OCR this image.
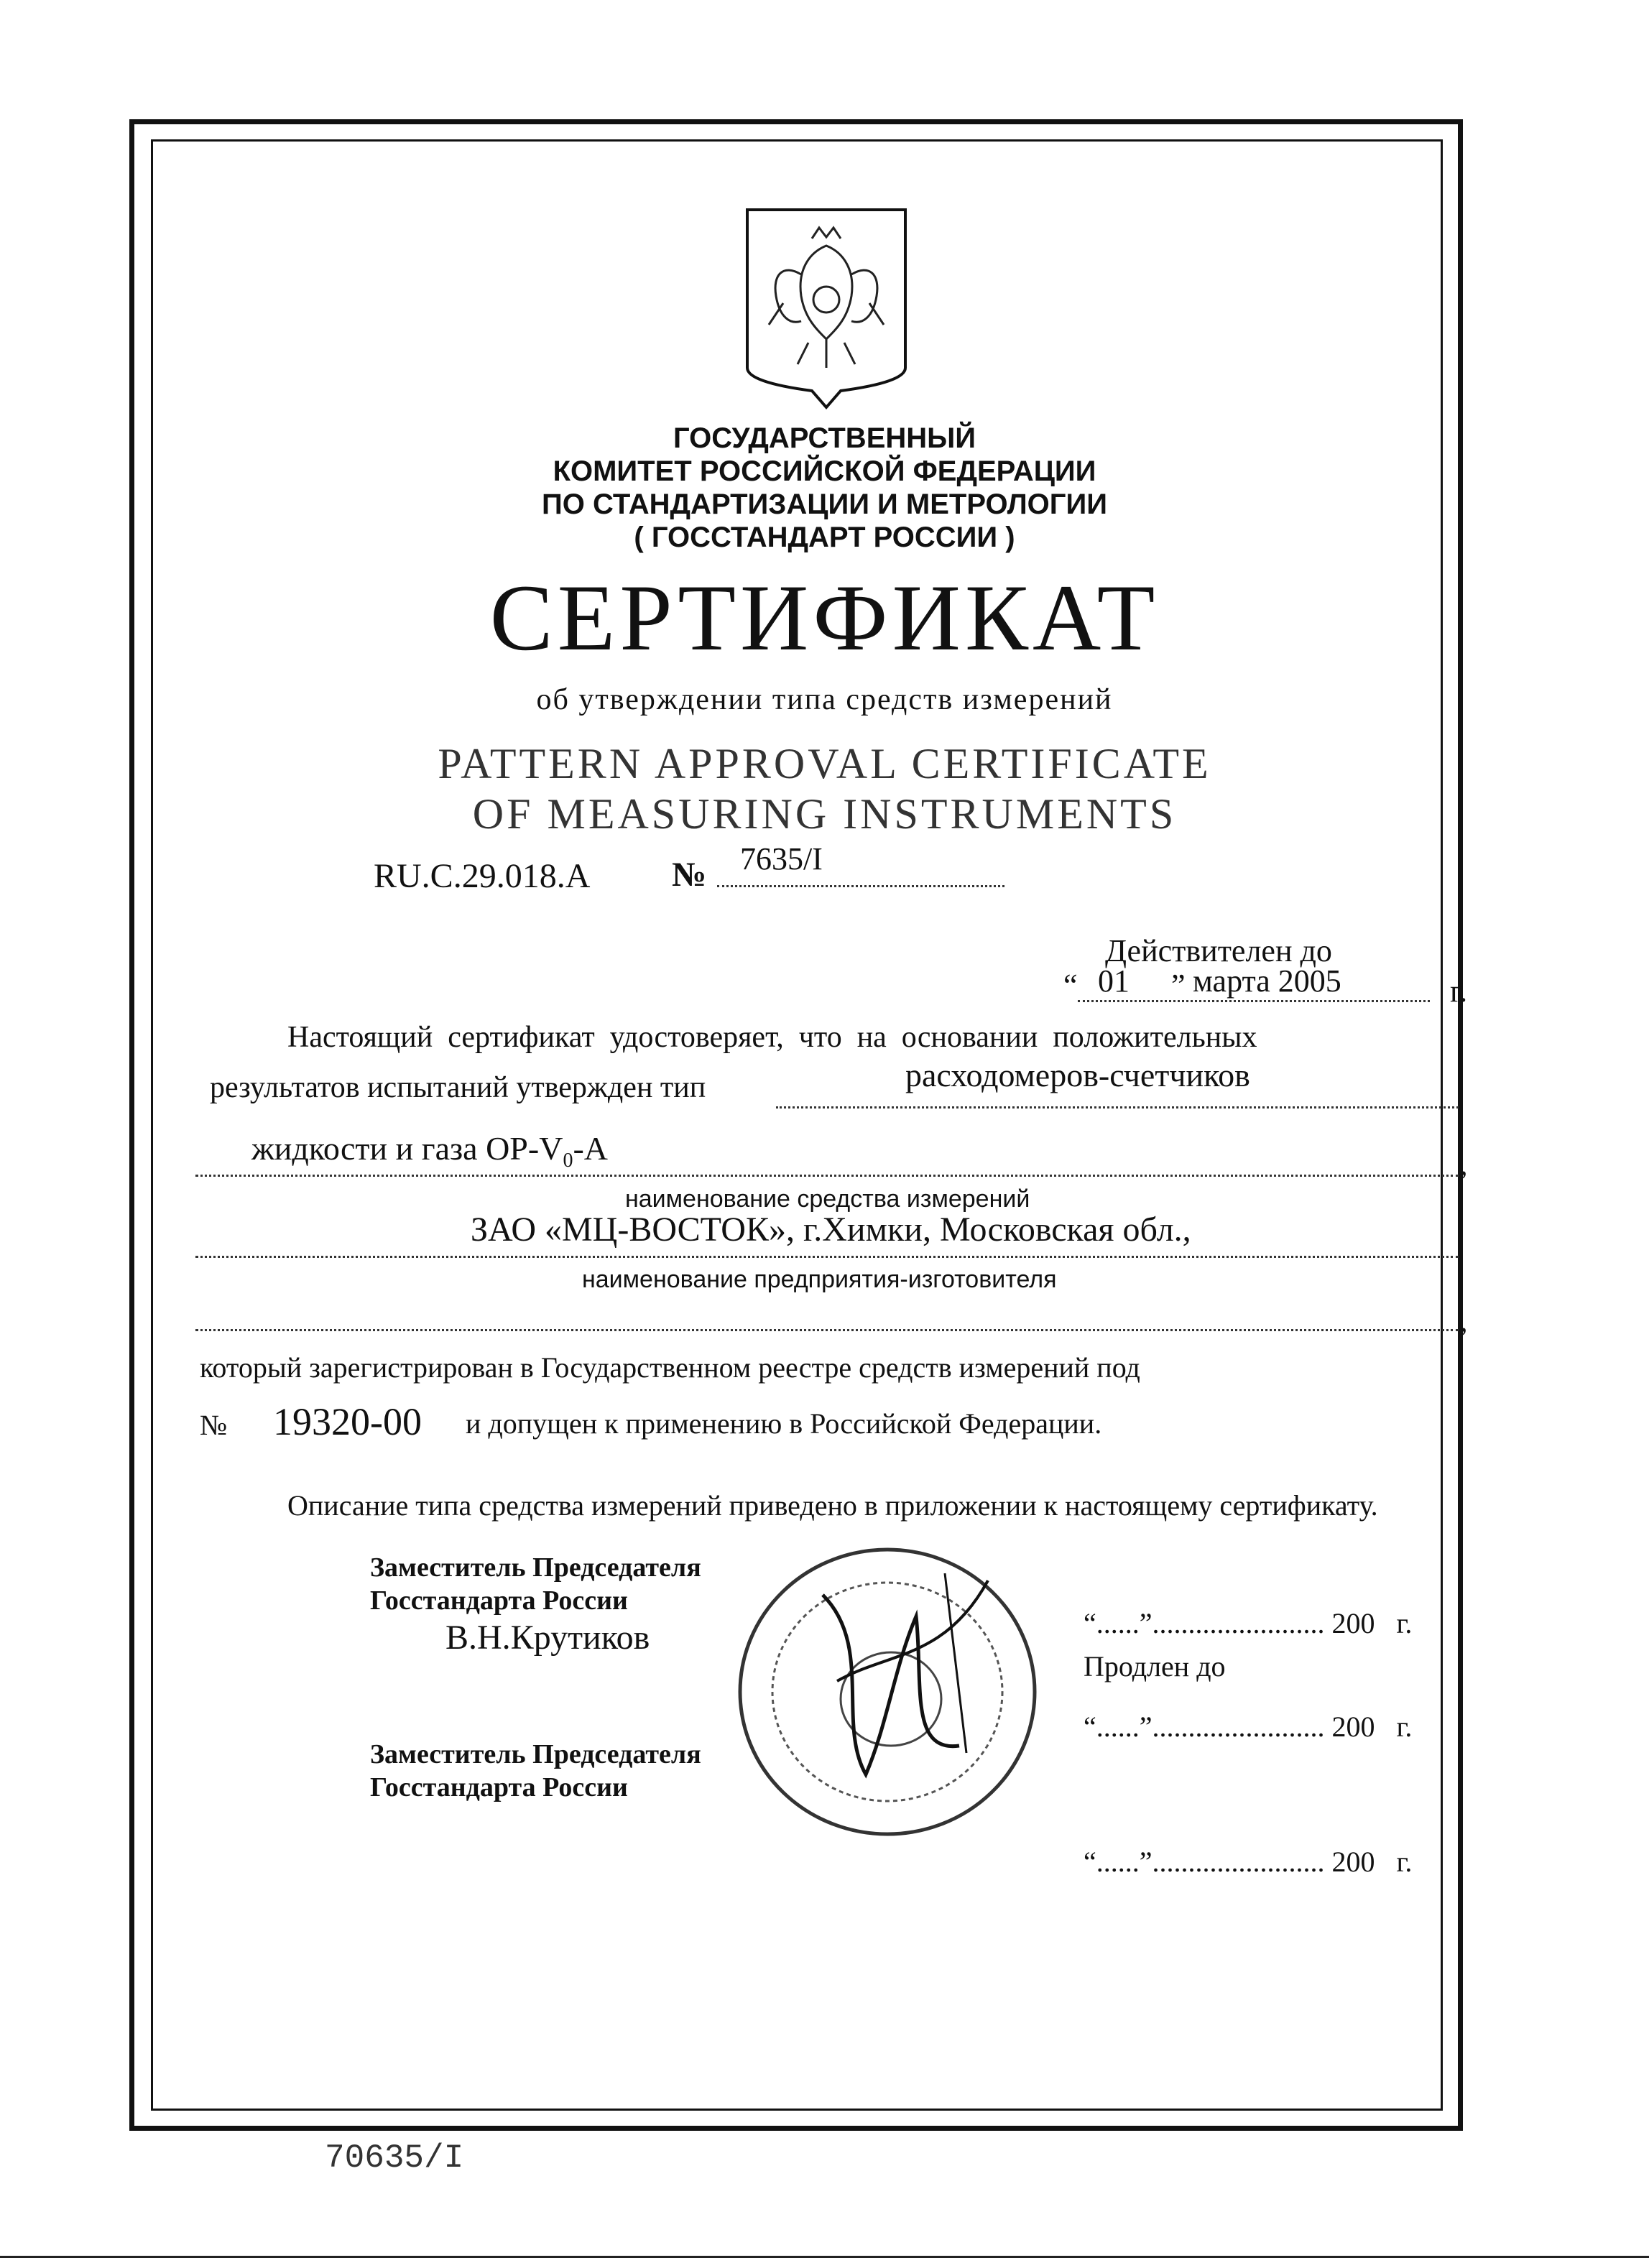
ГОСУДАРСТВЕННЫЙ
КОМИТЕТ РОССИЙСКОЙ ФЕДЕРАЦИИ
ПО СТАНДАРТИЗАЦИИ И МЕТРОЛОГИИ
( ГОССТАНДАРТ РОССИИ )
СЕРТИФИКАТ
об утверждении типа средств измерений
PATTERN APPROVAL CERTIFICATE
OF MEASURING INSTRUMENTS
RU.C.29.018.A № 7635/I
Действителен до
“ 01 ” марта 2005	г.
Настоящий  сертификат  удостоверяет,  что  на  основании  положительных
результатов испытаний утвержден тип	расходомеров-счетчиков
жидкости и газа $ОР-V_0-А$	,
наименование средства измерений
ЗАО «МЦ-ВОСТОК», г.Химки, Московская обл.,
наименование предприятия-изготовителя
,
который зарегистрирован в Государственном реестре средств измерений под
№ 19320-00 и допущен к применению в Российской Федерации.
Описание типа средства измерений приведено в приложении к настоящему сертификату.
Заместитель Председателя
Госстандарта России
В.Н.Крутиков
Заместитель Председателя
Госстандарта России
“......”........................ 200   г.
Продлен до
“......”........................ 200   г.
“......”........................ 200   г.
70635/I
